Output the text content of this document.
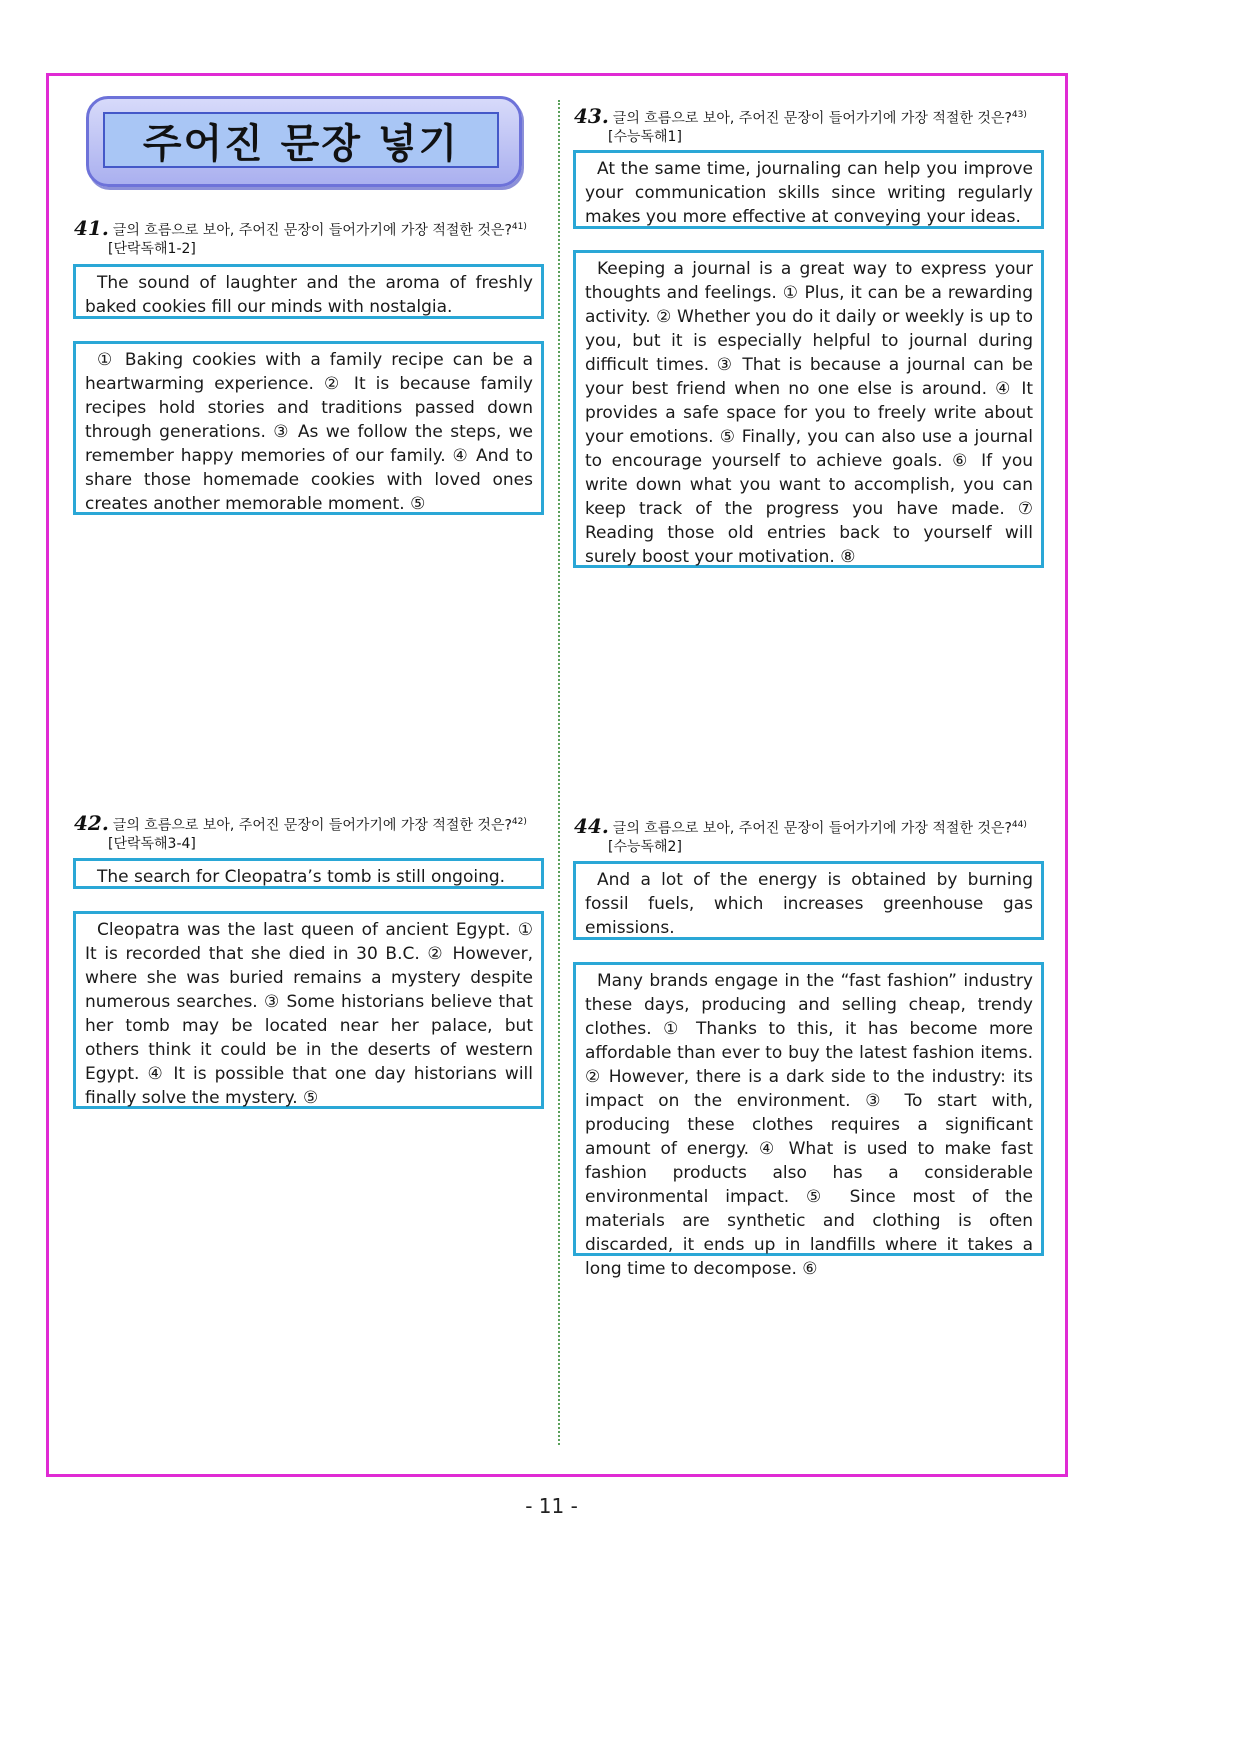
주어진 문장 넣기
41. 글의 흐름으로 보아, 주어진 문장이 들어가기에 가장 적절한 것은?$^{41)}$
[단락독해1-2]

The sound of laughter and the aroma of freshly baked cookies fill our minds with nostalgia.

① Baking cookies with a family recipe can be a heartwarming experience. ② It is because family recipes hold stories and traditions passed down through generations. ③ As we follow the steps, we remember happy memories of our family. ④ And to share those homemade cookies with loved ones creates another memorable moment. ⑤

42. 글의 흐름으로 보아, 주어진 문장이 들어가기에 가장 적절한 것은?$^{42)}$
[단락독해3-4]

The search for Cleopatra’s tomb is still ongoing.

Cleopatra was the last queen of ancient Egypt. ① It is recorded that she died in 30 B.C. ② However, where she was buried remains a mystery despite numerous searches. ③ Some historians believe that her tomb may be located near her palace, but others think it could be in the deserts of western Egypt. ④ It is possible that one day historians will finally solve the mystery. ⑤

43. 글의 흐름으로 보아, 주어진 문장이 들어가기에 가장 적절한 것은?$^{43)}$
[수능독해1]

At the same time, journaling can help you improve your communication skills since writing regularly makes you more effective at conveying your ideas.

Keeping a journal is a great way to express your thoughts and feelings. ① Plus, it can be a rewarding activity. ② Whether you do it daily or weekly is up to you, but it is especially helpful to journal during difficult times. ③ That is because a journal can be your best friend when no one else is around. ④ It provides a safe space for you to freely write about your emotions. ⑤ Finally, you can also use a journal to encourage yourself to achieve goals. ⑥ If you write down what you want to accomplish, you can keep track of the progress you have made. ⑦ Reading those old entries back to yourself will surely boost your motivation. ⑧

44. 글의 흐름으로 보아, 주어진 문장이 들어가기에 가장 적절한 것은?$^{44)}$
[수능독해2]

And a lot of the energy is obtained by burning fossil fuels, which increases greenhouse gas emissions.

Many brands engage in the “fast fashion” industry these days, producing and selling cheap, trendy clothes. ① Thanks to this, it has become more affordable than ever to buy the latest fashion items. ② However, there is a dark side to the industry: its impact on the environment. ③ To start with, producing these clothes requires a significant amount of energy. ④ What is used to make fast fashion products also has a considerable environmental impact. ⑤ Since most of the materials are synthetic and clothing is often discarded, it ends up in landfills where it takes a long time to decompose. ⑥

- 11 -
